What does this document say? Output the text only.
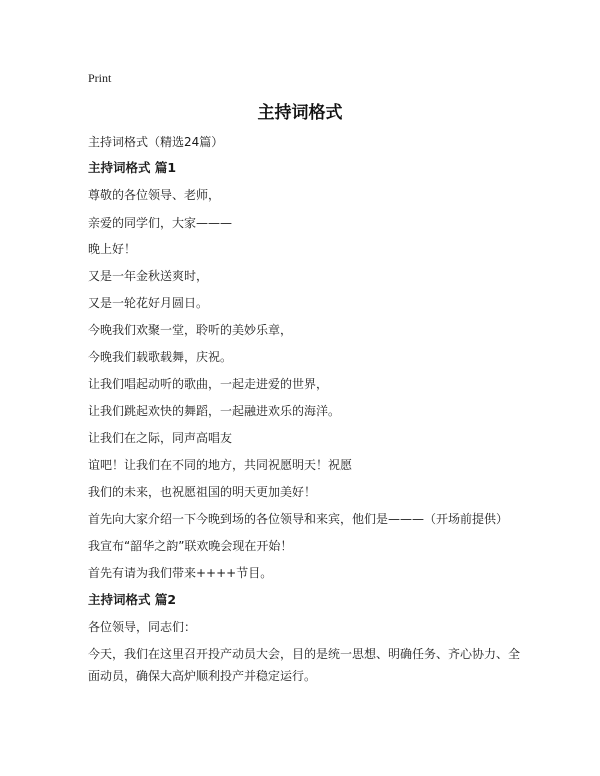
Print
主持词格式
主持词格式（精选24篇）
主持词格式 篇1
尊敬的各位领导、老师，
亲爱的同学们，大家———
晚上好！
又是一年金秋送爽时，
又是一轮花好月圆日。
今晚我们欢聚一堂，聆听的美妙乐章，
今晚我们载歌载舞，庆祝。
让我们唱起动听的歌曲，一起走进爱的世界，
让我们跳起欢快的舞蹈，一起融进欢乐的海洋。
让我们在之际，同声高唱友
谊吧！让我们在不同的地方，共同祝愿明天！祝愿
我们的未来，也祝愿祖国的明天更加美好！
首先向大家介绍一下今晚到场的各位领导和来宾，他们是———（开场前提供）
我宣布“韶华之韵”联欢晚会现在开始！
首先有请为我们带来++++节目。
主持词格式 篇2
各位领导，同志们：
今天，我们在这里召开投产动员大会，目的是统一思想、明确任务、齐心协力、全面动员，确保大高炉顺利投产并稳定运行。
